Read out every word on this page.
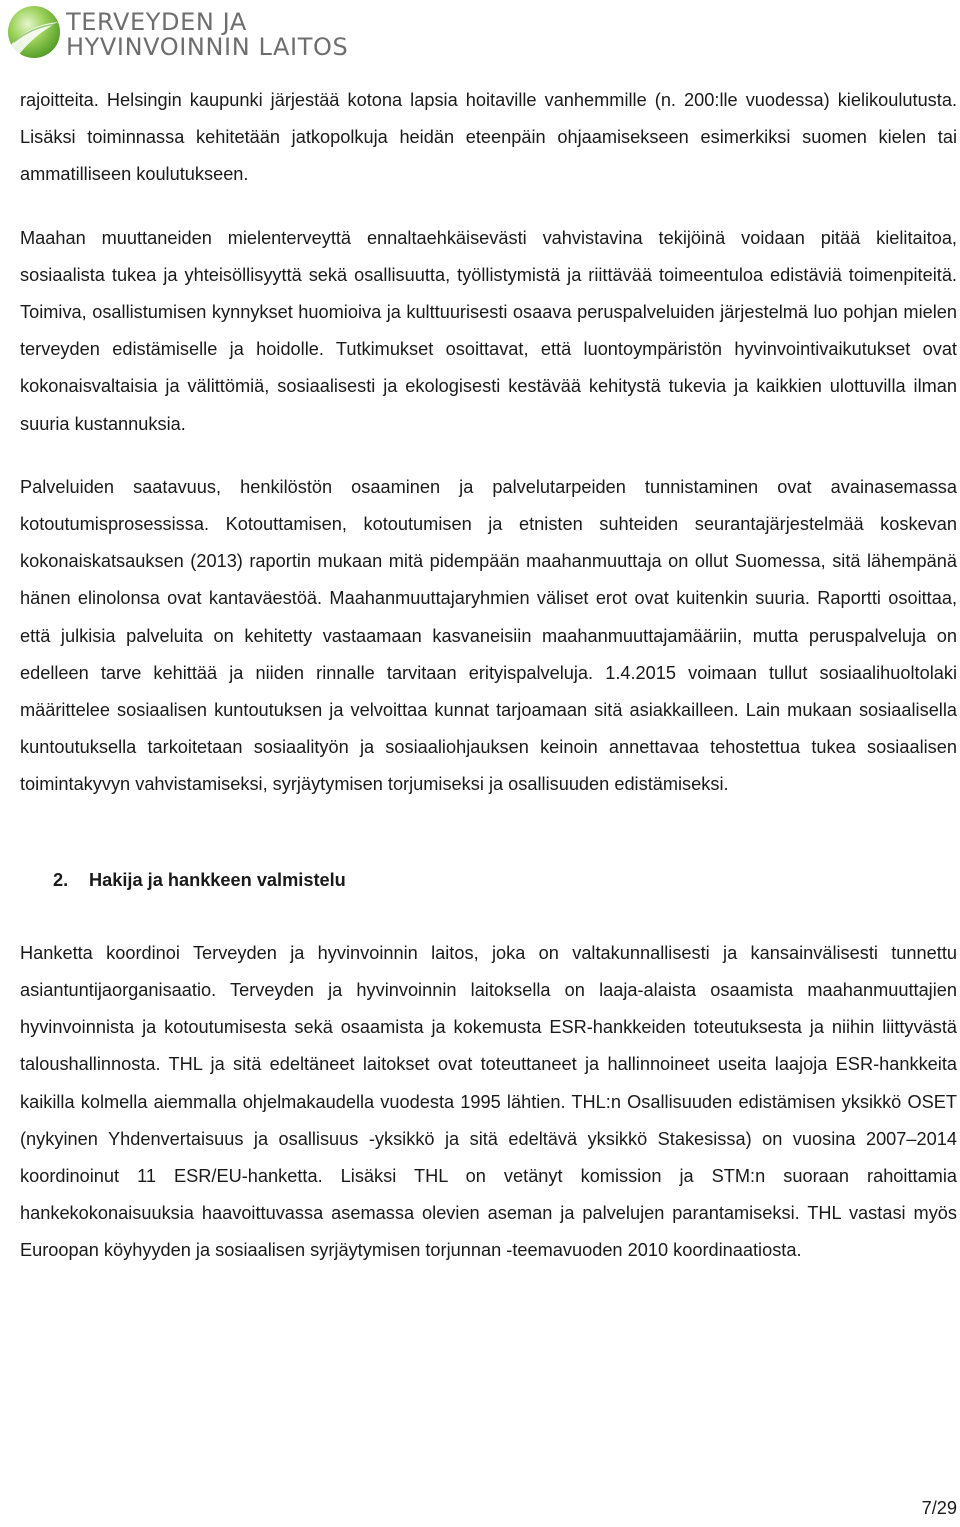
TERVEYDEN JA
HYVINVOINNIN LAITOS

rajoitteita. Helsingin kaupunki järjestää kotona lapsia hoitaville vanhemmille (n. 200:lle vuodessa) kielikoulutusta. Lisäksi toiminnassa kehitetään jatkopolkuja heidän eteenpäin ohjaamisekseen esimerkiksi suomen kielen tai ammatilliseen koulutukseen.

Maahan muuttaneiden mielenterveyttä ennaltaehkäisevästi vahvistavina tekijöinä voidaan pitää kielitaitoa, sosiaalista tukea ja yhteisöllisyyttä sekä osallisuutta, työllistymistä ja riittävää toimeentuloa edistäviä toimenpiteitä. Toimiva, osallistumisen kynnykset huomioiva ja kulttuurisesti osaava peruspalveluiden järjestelmä luo pohjan mielen terveyden edistämiselle ja hoidolle. Tutkimukset osoittavat, että luontoympäristön hyvinvointivaikutukset ovat kokonaisvaltaisia ja välittömiä, sosiaalisesti ja ekologisesti kestävää kehitystä tukevia ja kaikkien ulottuvilla ilman suuria kustannuksia.

Palveluiden saatavuus, henkilöstön osaaminen ja palvelutarpeiden tunnistaminen ovat avainasemassa kotoutumisprosessissa. Kotouttamisen, kotoutumisen ja etnisten suhteiden seurantajärjestelmää koskevan kokonaiskatsauksen (2013) raportin mukaan mitä pidempään maahanmuuttaja on ollut Suomessa, sitä lähempänä hänen elinolonsa ovat kantaväestöä. Maahanmuuttajaryhmien väliset erot ovat kuitenkin suuria. Raportti osoittaa, että julkisia palveluita on kehitetty vastaamaan kasvaneisiin maahanmuuttajamääriin, mutta peruspalveluja on edelleen tarve kehittää ja niiden rinnalle tarvitaan erityispalveluja. 1.4.2015 voimaan tullut sosiaalihuoltolaki määrittelee sosiaalisen kuntoutuksen ja velvoittaa kunnat tarjoamaan sitä asiakkailleen. Lain mukaan sosiaalisella kuntoutuksella tarkoitetaan sosiaalityön ja sosiaaliohjauksen keinoin annettavaa tehostettua tukea sosiaalisen toimintakyvyn vahvistamiseksi, syrjäytymisen torjumiseksi ja osallisuuden edistämiseksi.

2. Hakija ja hankkeen valmistelu

Hanketta koordinoi Terveyden ja hyvinvoinnin laitos, joka on valtakunnallisesti ja kansainvälisesti tunnettu asiantuntijaorganisaatio. Terveyden ja hyvinvoinnin laitoksella on laaja-alaista osaamista maahanmuuttajien hyvinvoinnista ja kotoutumisesta sekä osaamista ja kokemusta ESR-hankkeiden toteutuksesta ja niihin liittyvästä taloushallinnosta. THL ja sitä edeltäneet laitokset ovat toteuttaneet ja hallinnoineet useita laajoja ESR-hankkeita kaikilla kolmella aiemmalla ohjelmakaudella vuodesta 1995 lähtien. THL:n Osallisuuden edistämisen yksikkö OSET (nykyinen Yhdenvertaisuus ja osallisuus -yksikkö ja sitä edeltävä yksikkö Stakesissa) on vuosina 2007–2014 koordinoinut 11 ESR/EU-hanketta. Lisäksi THL on vetänyt komission ja STM:n suoraan rahoittamia hankekokonaisuuksia haavoittuvassa asemassa olevien aseman ja palvelujen parantamiseksi. THL vastasi myös Euroopan köyhyyden ja sosiaalisen syrjäytymisen torjunnan -teemavuoden 2010 koordinaatiosta.

7/29
